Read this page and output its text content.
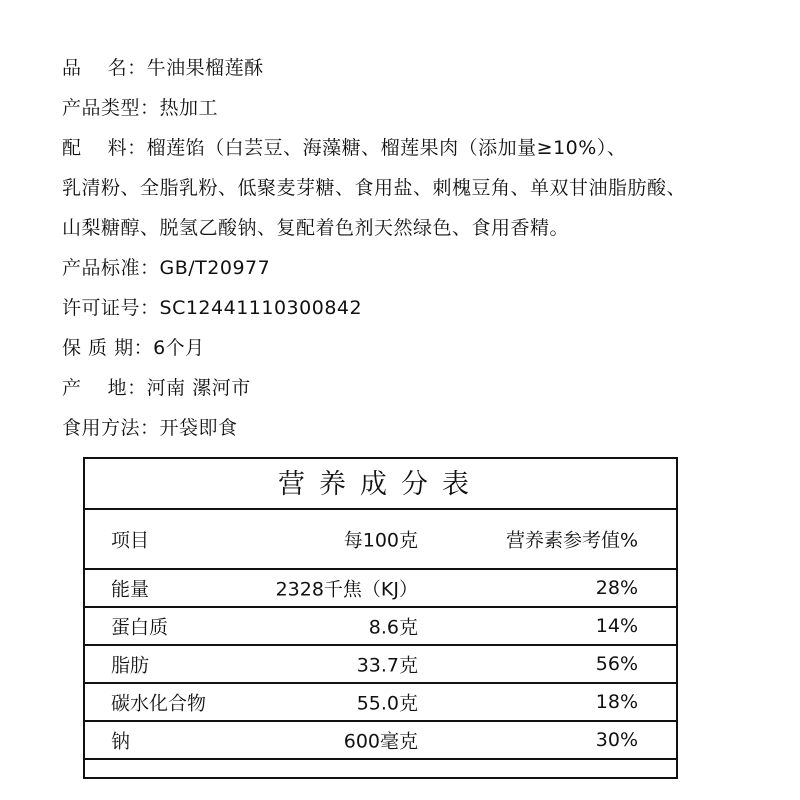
品    名：牛油果榴莲酥
产品类型：热加工
配    料：榴莲馅（白芸豆、海藻糖、榴莲果肉（添加量≥10%）、
乳清粉、全脂乳粉、低聚麦芽糖、食用盐、刺槐豆角、单双甘油脂肪酸、
山梨糖醇、脱氢乙酸钠、复配着色剂天然绿色、食用香精。
产品标准：GB/T20977
许可证号：SC12441110300842
保 质 期：6个月
产    地：河南 漯河市
食用方法：开袋即食
营养成分表
项目	每100克	营养素参考值%
能量	2328千焦（KJ）	28%
蛋白质	8.6克	14%
脂肪	33.7克	56%
碳水化合物	55.0克	18%
钠	600毫克	30%
